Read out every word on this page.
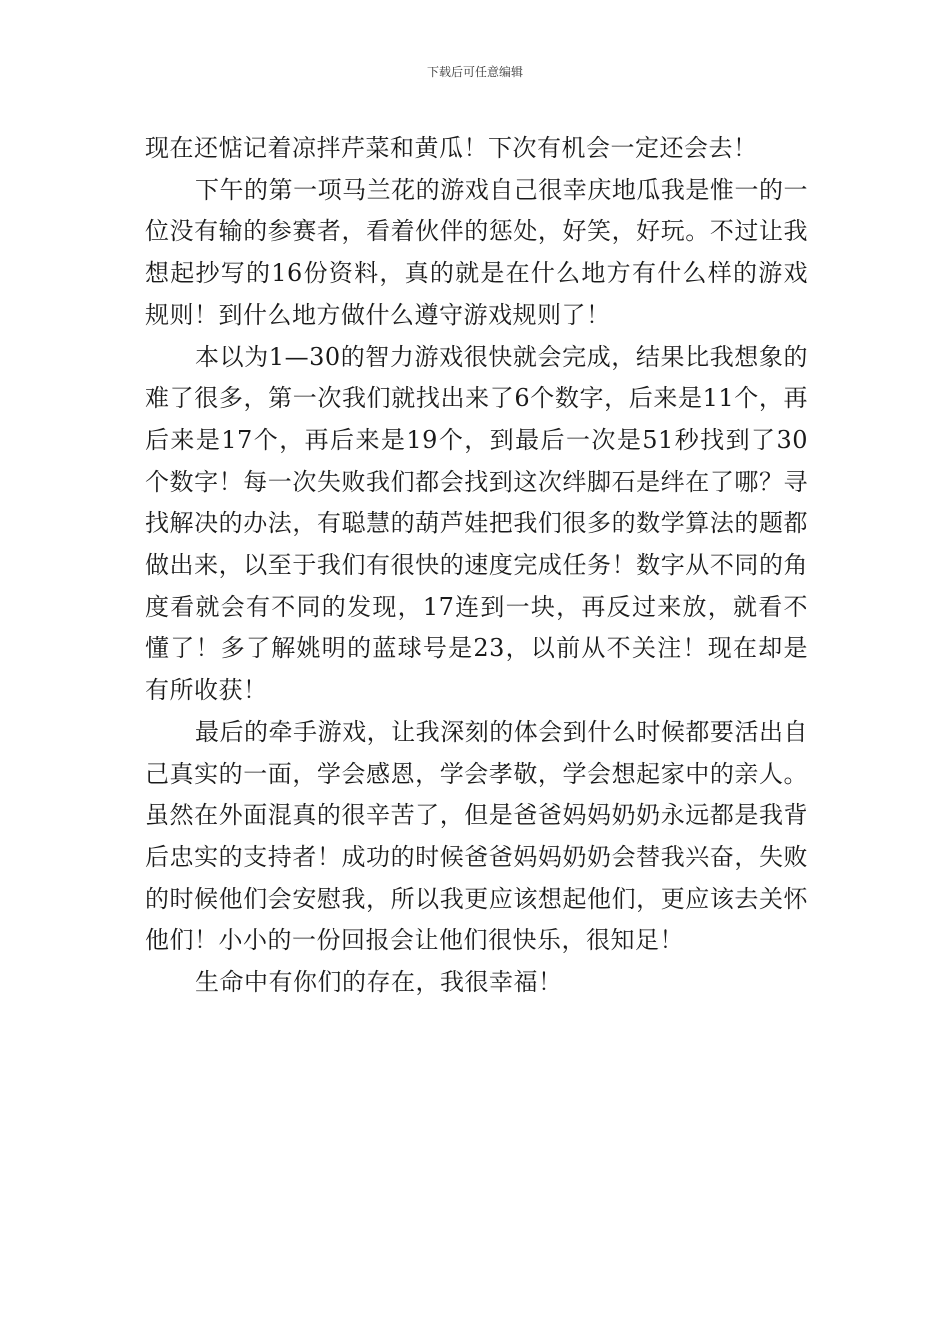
下载后可任意编辑

现在还惦记着凉拌芹菜和黄瓜！下次有机会一定还会去！

下午的第一项马兰花的游戏自己很幸庆地瓜我是惟一的一位没有输的参赛者，看着伙伴的惩处，好笑，好玩。不过让我想起抄写的16份资料，真的就是在什么地方有什么样的游戏规则！到什么地方做什么遵守游戏规则了！

本以为1—30的智力游戏很快就会完成，结果比我想象的难了很多，第一次我们就找出来了6个数字，后来是11个，再后来是17个，再后来是19个，到最后一次是51秒找到了30个数字！每一次失败我们都会找到这次绊脚石是绊在了哪？寻找解决的办法，有聪慧的葫芦娃把我们很多的数学算法的题都做出来，以至于我们有很快的速度完成任务！数字从不同的角度看就会有不同的发现，17连到一块，再反过来放，就看不懂了！多了解姚明的蓝球号是23，以前从不关注！现在却是有所收获！

最后的牵手游戏，让我深刻的体会到什么时候都要活出自己真实的一面，学会感恩，学会孝敬，学会想起家中的亲人。虽然在外面混真的很辛苦了，但是爸爸妈妈奶奶永远都是我背后忠实的支持者！成功的时候爸爸妈妈奶奶会替我兴奋，失败的时候他们会安慰我，所以我更应该想起他们，更应该去关怀他们！小小的一份回报会让他们很快乐，很知足！

生命中有你们的存在，我很幸福！
